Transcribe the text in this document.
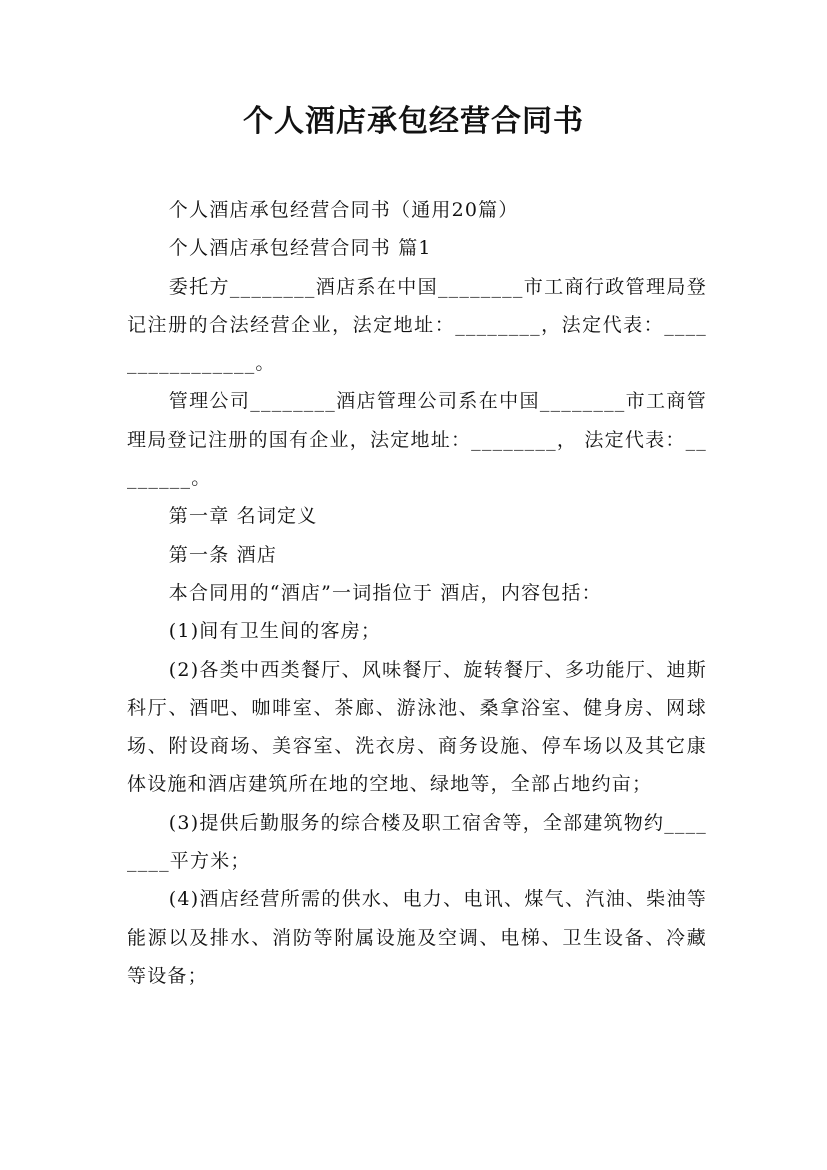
个人酒店承包经营合同书

个人酒店承包经营合同书（通用20篇）

个人酒店承包经营合同书 篇1

委托方________酒店系在中国________市工商行政管理局登记注册的合法经营企业，法定地址：________，法定代表：________________。

管理公司________酒店管理公司系在中国________市工商管理局登记注册的国有企业，法定地址：________， 法定代表：________。

第一章 名词定义

第一条 酒店

本合同用的“酒店”一词指位于 酒店，内容包括：

(1)间有卫生间的客房；

(2)各类中西类餐厅、风味餐厅、旋转餐厅、多功能厅、迪斯科厅、酒吧、咖啡室、茶廊、游泳池、桑拿浴室、健身房、网球场、附设商场、美容室、洗衣房、商务设施、停车场以及其它康体设施和酒店建筑所在地的空地、绿地等，全部占地约亩；

(3)提供后勤服务的综合楼及职工宿舍等，全部建筑物约________平方米；

(4)酒店经营所需的供水、电力、电讯、煤气、汽油、柴油等能源以及排水、消防等附属设施及空调、电梯、卫生设备、冷藏等设备；
